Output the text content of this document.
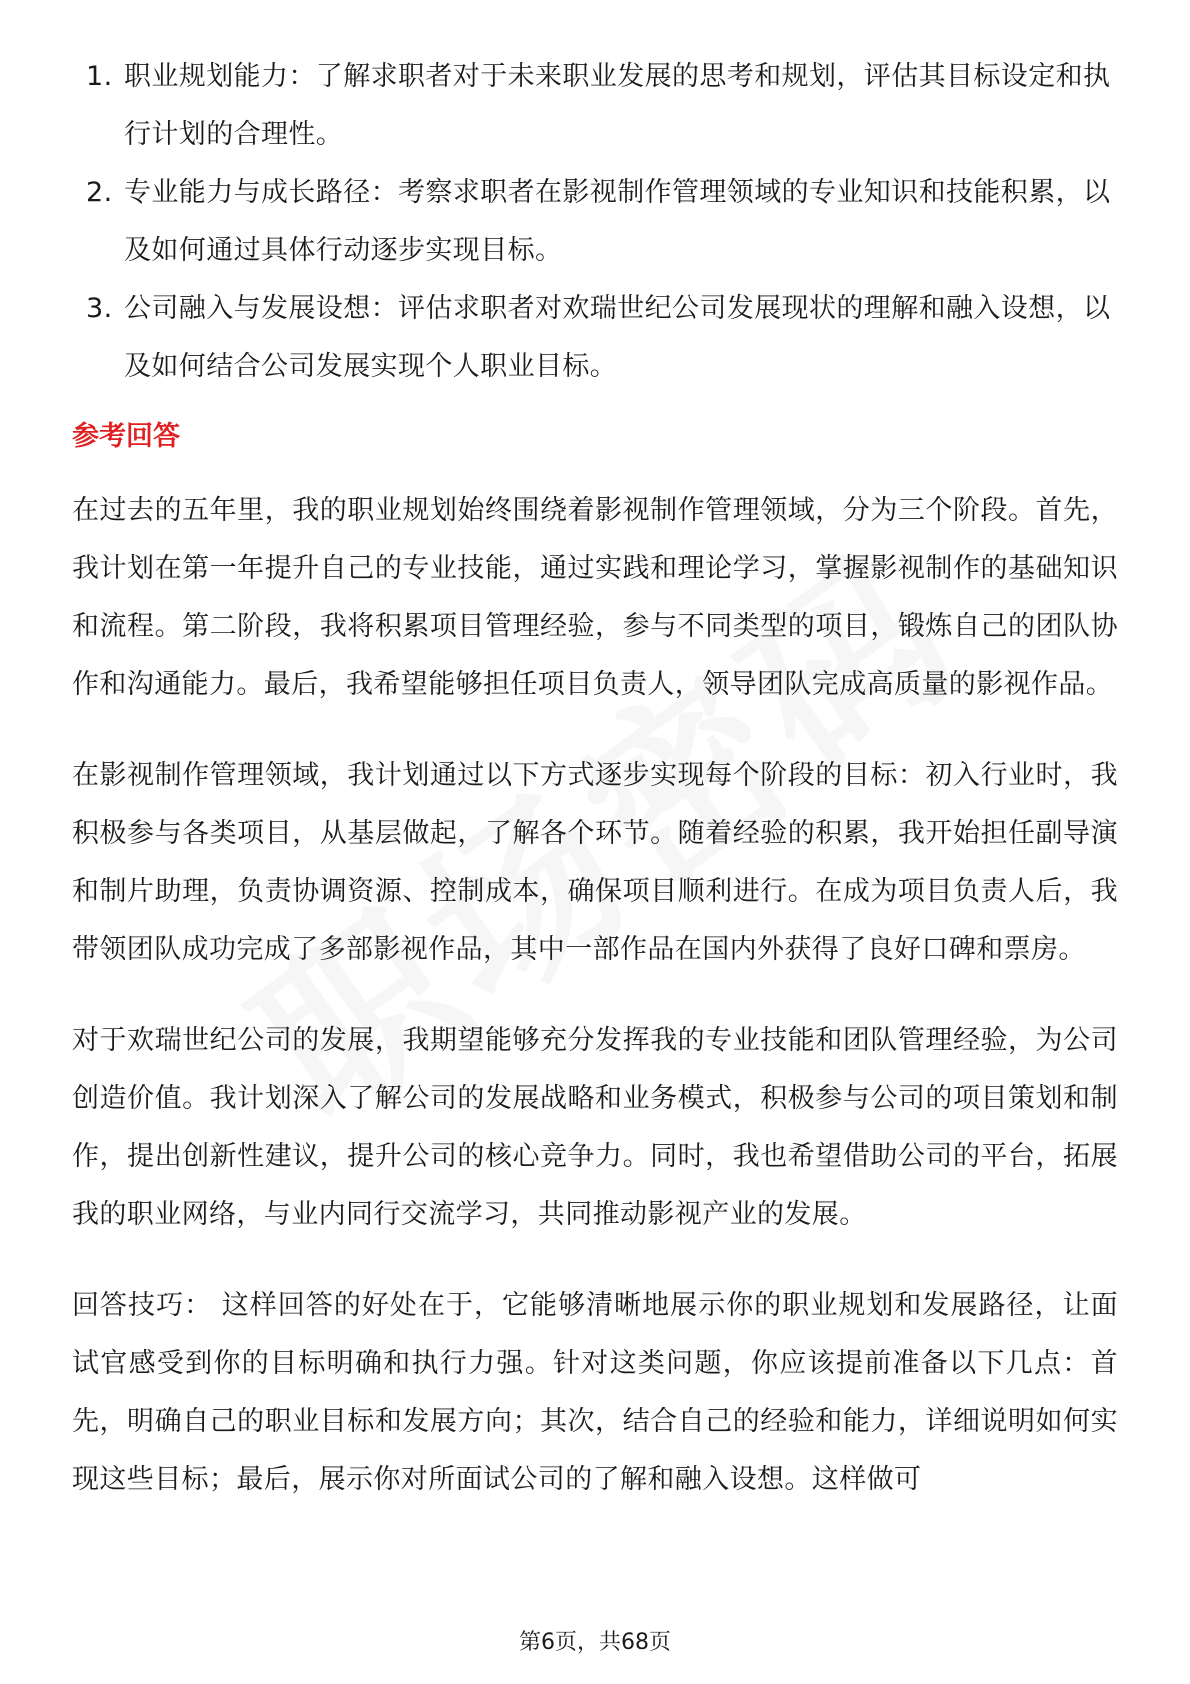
1. 职业规划能力：了解求职者对于未来职业发展的思考和规划，评估其目标设定和执行计划的合理性。
2. 专业能力与成长路径：考察求职者在影视制作管理领域的专业知识和技能积累，以及如何通过具体行动逐步实现目标。
3. 公司融入与发展设想：评估求职者对欢瑞世纪公司发展现状的理解和融入设想，以及如何结合公司发展实现个人职业目标。
参考回答

在过去的五年里，我的职业规划始终围绕着影视制作管理领域，分为三个阶段。首先，我计划在第一年提升自己的专业技能，通过实践和理论学习，掌握影视制作的基础知识和流程。第二阶段，我将积累项目管理经验，参与不同类型的项目，锻炼自己的团队协作和沟通能力。最后，我希望能够担任项目负责人，领导团队完成高质量的影视作品。

在影视制作管理领域，我计划通过以下方式逐步实现每个阶段的目标：初入行业时，我积极参与各类项目，从基层做起，了解各个环节。随着经验的积累，我开始担任副导演和制片助理，负责协调资源、控制成本，确保项目顺利进行。在成为项目负责人后，我带领团队成功完成了多部影视作品，其中一部作品在国内外获得了良好口碑和票房。

对于欢瑞世纪公司的发展，我期望能够充分发挥我的专业技能和团队管理经验，为公司创造价值。我计划深入了解公司的发展战略和业务模式，积极参与公司的项目策划和制作，提出创新性建议，提升公司的核心竞争力。同时，我也希望借助公司的平台，拓展我的职业网络，与业内同行交流学习，共同推动影视产业的发展。

回答技巧： 这样回答的好处在于，它能够清晰地展示你的职业规划和发展路径，让面试官感受到你的目标明确和执行力强。针对这类问题，你应该提前准备以下几点：首先，明确自己的职业目标和发展方向；其次，结合自己的经验和能力，详细说明如何实现这些目标；最后，展示你对所面试公司的了解和融入设想。这样做可

第6页，共68页
